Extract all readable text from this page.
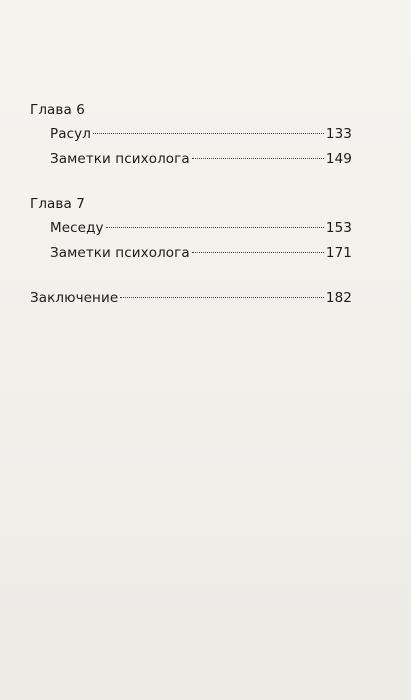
Глава 6
Расул	133
Заметки психолога	149
Глава 7
Меседу	153
Заметки психолога	171
Заключение	182
